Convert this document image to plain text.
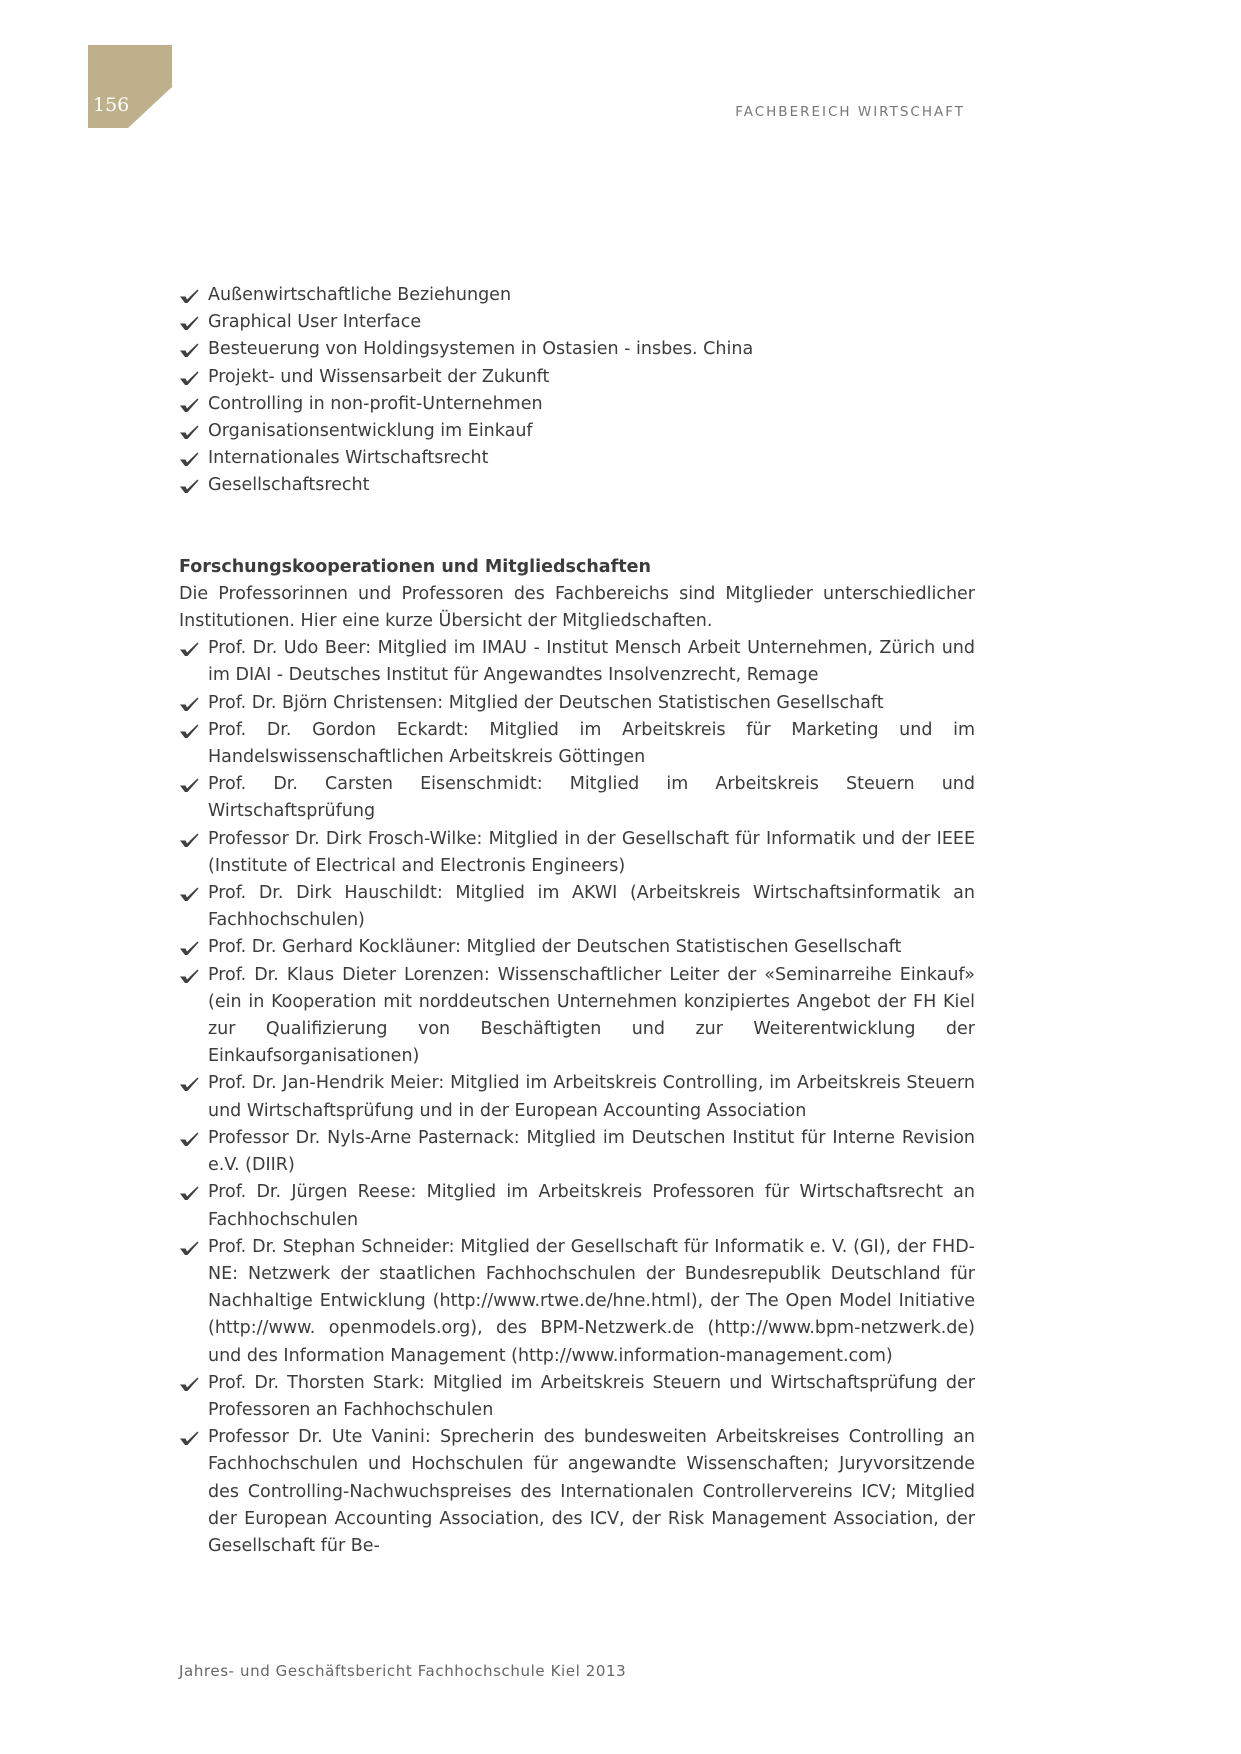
156	FACHBEREICH WIRTSCHAFT
Außenwirtschaftliche Beziehungen
Graphical User Interface
Besteuerung von Holdingsystemen in Ostasien - insbes. China
Projekt- und Wissensarbeit der Zukunft
Controlling in non-profit-Unternehmen
Organisationsentwicklung im Einkauf
Internationales Wirtschaftsrecht
Gesellschaftsrecht
Forschungskooperationen und Mitgliedschaften
Die Professorinnen und Professoren des Fachbereichs sind Mitglieder unterschiedlicher Institutionen. Hier eine kurze Übersicht der Mitgliedschaften.
Prof. Dr. Udo Beer: Mitglied im IMAU - Institut Mensch Arbeit Unternehmen, Zürich und im DIAI - Deutsches Institut für Angewandtes Insolvenzrecht, Remage
Prof. Dr. Björn Christensen: Mitglied der Deutschen Statistischen Gesellschaft
Prof. Dr. Gordon Eckardt: Mitglied im Arbeitskreis für Marketing und im Handelswissenschaftlichen Arbeitskreis Göttingen
Prof. Dr. Carsten Eisenschmidt: Mitglied im Arbeitskreis Steuern und Wirtschaftsprüfung
Professor Dr. Dirk Frosch-Wilke: Mitglied in der Gesellschaft für Informatik und der IEEE (Institute of Electrical and Electronis Engineers)
Prof. Dr. Dirk Hauschildt: Mitglied im AKWI (Arbeitskreis Wirtschaftsinformatik an Fachhochschulen)
Prof. Dr. Gerhard Kockläuner: Mitglied der Deutschen Statistischen Gesellschaft
Prof. Dr. Klaus Dieter Lorenzen: Wissenschaftlicher Leiter der «Seminarreihe Einkauf» (ein in Kooperation mit norddeutschen Unternehmen konzipiertes Angebot der FH Kiel zur Qualifizierung von Beschäftigten und zur Weiterentwicklung der Einkaufsorganisationen)
Prof. Dr. Jan-Hendrik Meier: Mitglied im Arbeitskreis Controlling, im Arbeitskreis Steuern und Wirtschaftsprüfung und in der European Accounting Association
Professor Dr. Nyls-Arne Pasternack: Mitglied im Deutschen Institut für Interne Revision e.V. (DIIR)
Prof. Dr. Jürgen Reese: Mitglied im Arbeitskreis Professoren für Wirtschaftsrecht an Fachhochschulen
Prof. Dr. Stephan Schneider: Mitglied der Gesellschaft für Informatik e. V. (GI), der FHD-NE: Netzwerk der staatlichen Fachhochschulen der Bundesrepublik Deutschland für Nachhaltige Entwicklung (http://www.rtwe.de/hne.html), der The Open Model Initiative (http://www. openmodels.org), des BPM-Netzwerk.de (http://www.bpm-netzwerk.de) und des Information Management (http://www.information-management.com)
Prof. Dr. Thorsten Stark: Mitglied im Arbeitskreis Steuern und Wirtschaftsprüfung der Professoren an Fachhochschulen
Professor Dr. Ute Vanini: Sprecherin des bundesweiten Arbeitskreises Controlling an Fachhochschulen und Hochschulen für angewandte Wissenschaften; Juryvorsitzende des Controlling-Nachwuchspreises des Internationalen Controllervereins ICV; Mitglied der European Accounting Association, des ICV, der Risk Management Association, der Gesellschaft für Be-
Jahres- und Geschäftsbericht Fachhochschule Kiel 2013
